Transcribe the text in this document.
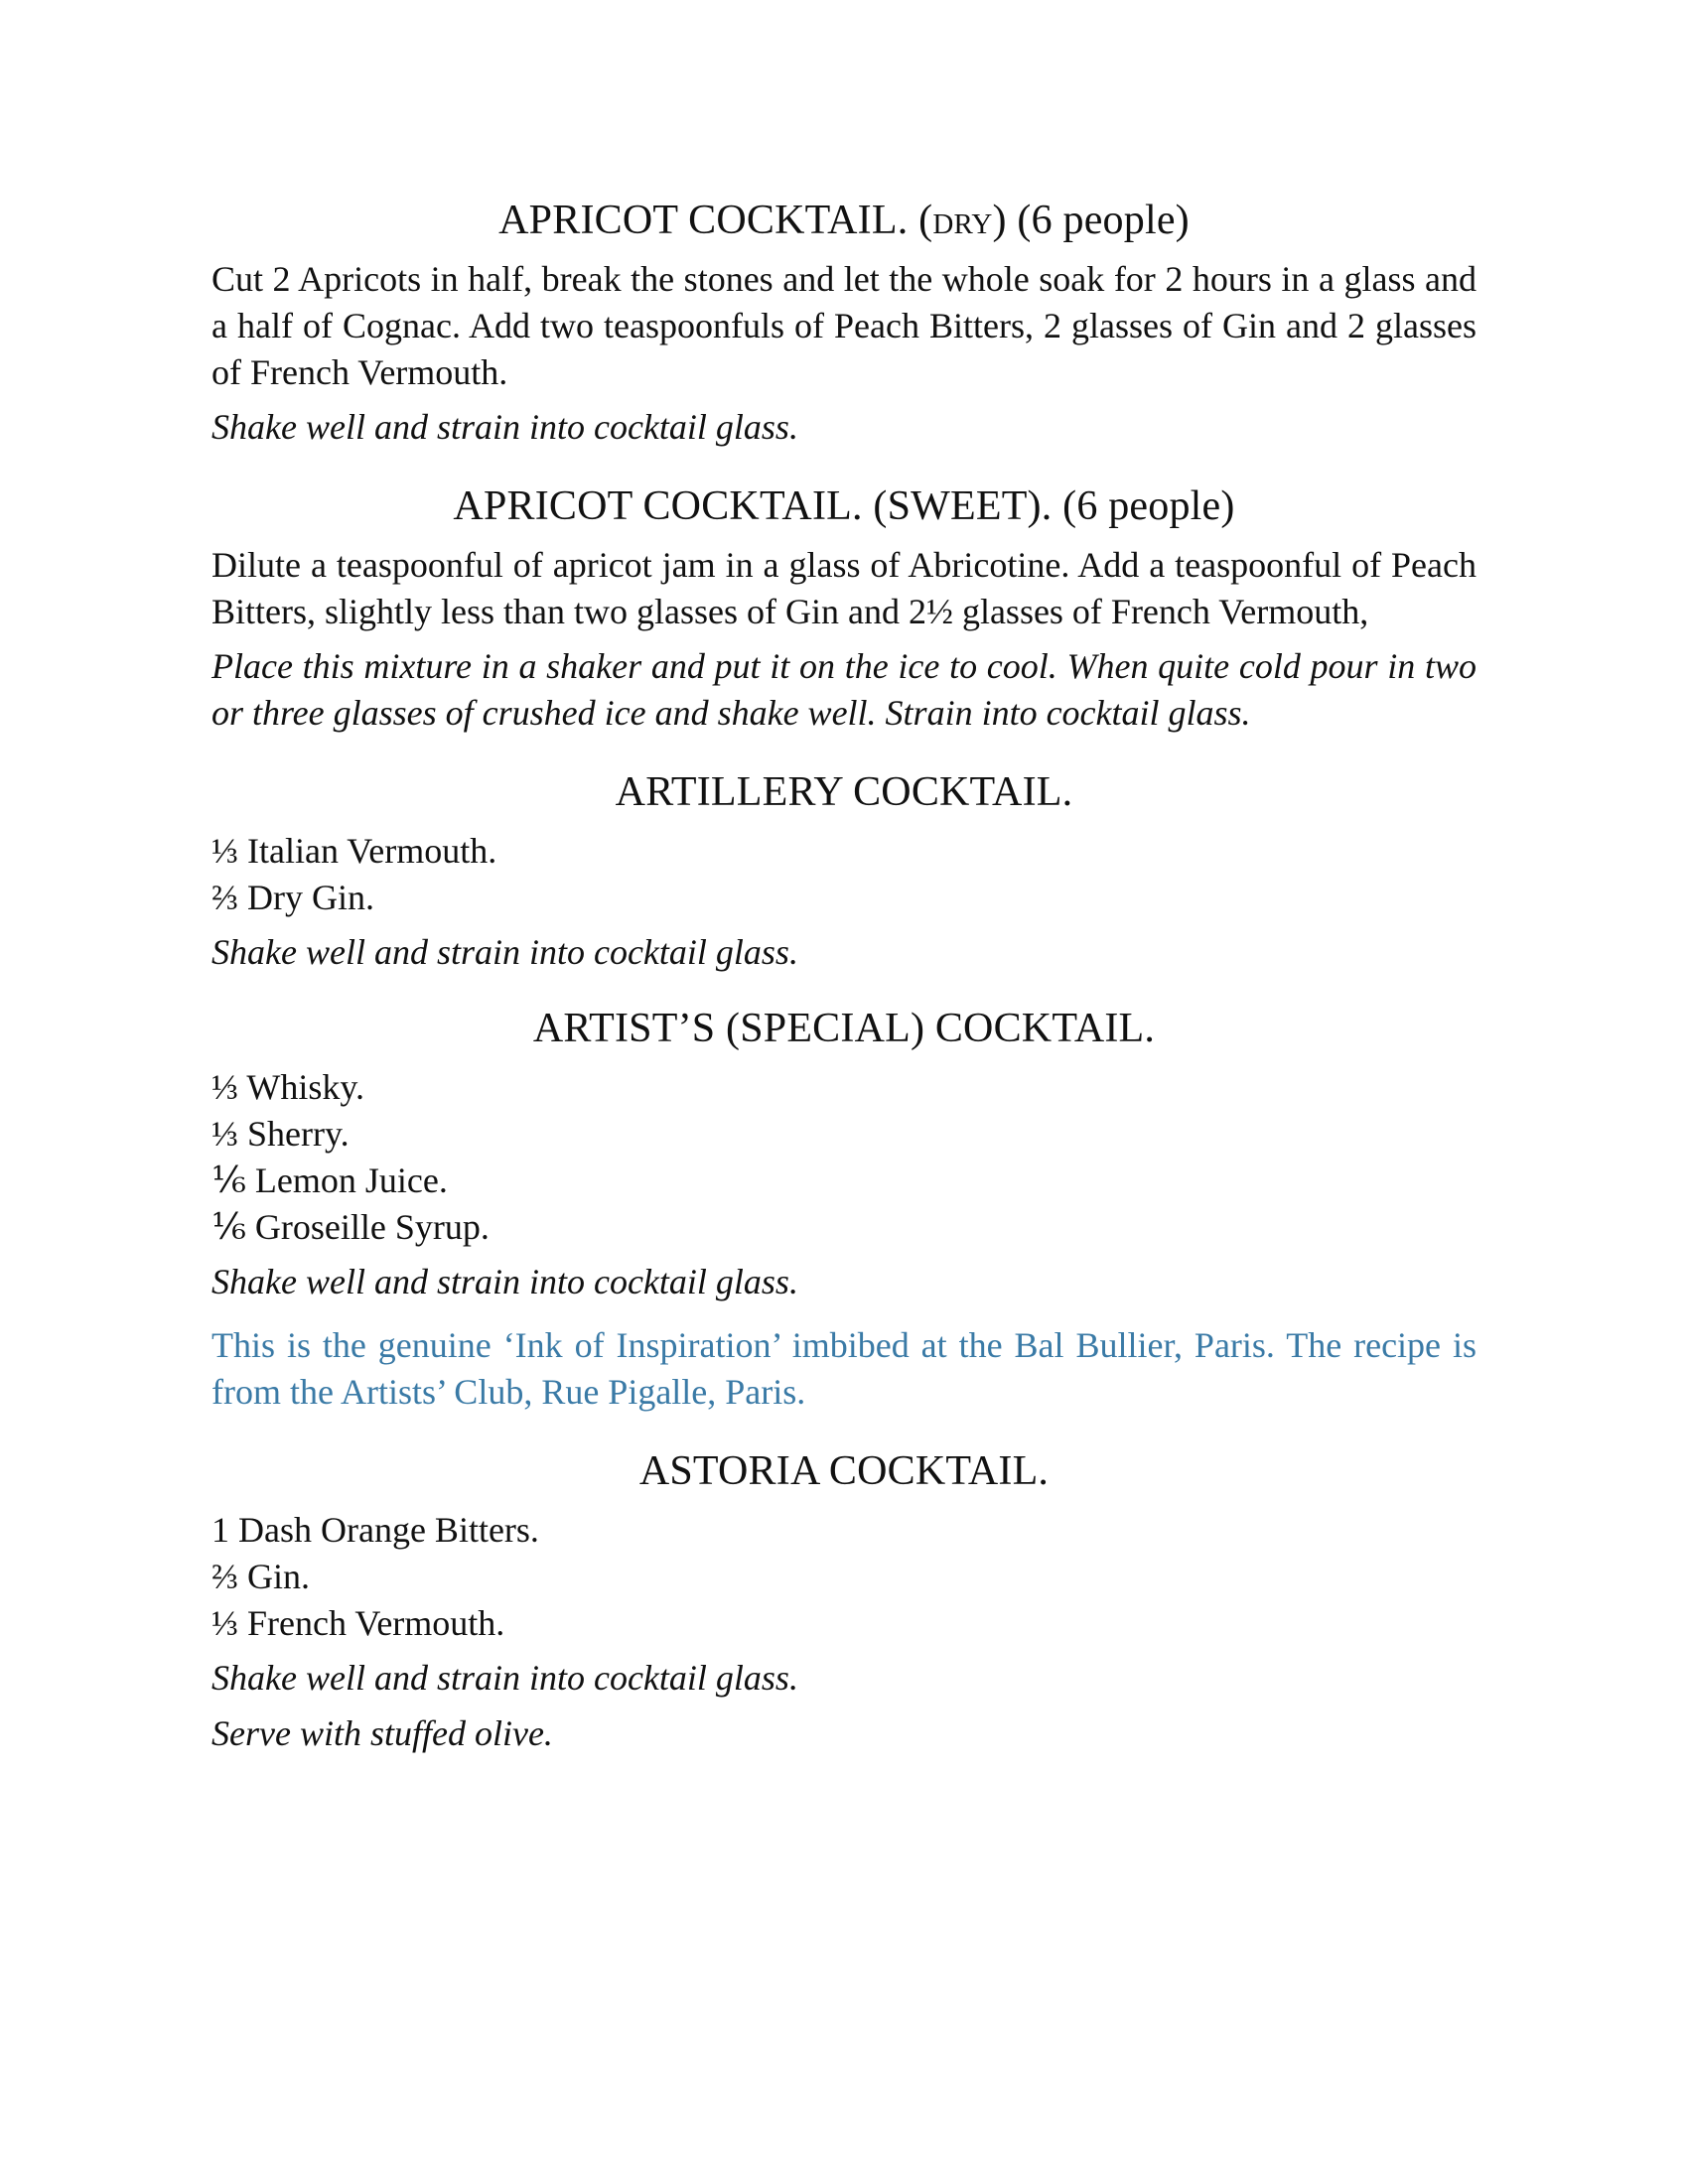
APRICOT COCKTAIL. (dry) (6 people)

Cut 2 Apricots in half, break the stones and let the whole soak for 2 hours in a glass and a half of Cognac. Add two teaspoonfuls of Peach Bitters, 2 glasses of Gin and 2 glasses of French Vermouth.

Shake well and strain into cocktail glass.

APRICOT COCKTAIL. (SWEET). (6 people)

Dilute a teaspoonful of apricot jam in a glass of Abricotine. Add a teaspoonful of Peach Bitters, slightly less than two glasses of Gin and 2½ glasses of French Vermouth,

Place this mixture in a shaker and put it on the ice to cool. When quite cold pour in two or three glasses of crushed ice and shake well. Strain into cocktail glass.

ARTILLERY COCKTAIL.

⅓ Italian Vermouth.

⅔ Dry Gin.

Shake well and strain into cocktail glass.

ARTIST’S (SPECIAL) COCKTAIL.

⅓ Whisky.

⅓ Sherry.

⅙ Lemon Juice.

⅙ Groseille Syrup.

Shake well and strain into cocktail glass.

This is the genuine ‘Ink of Inspiration’ imbibed at the Bal Bullier, Paris. The recipe is from the Artists’ Club, Rue Pigalle, Paris.

ASTORIA COCKTAIL.

1 Dash Orange Bitters.

⅔ Gin.

⅓ French Vermouth.

Shake well and strain into cocktail glass.

Serve with stuffed olive.
